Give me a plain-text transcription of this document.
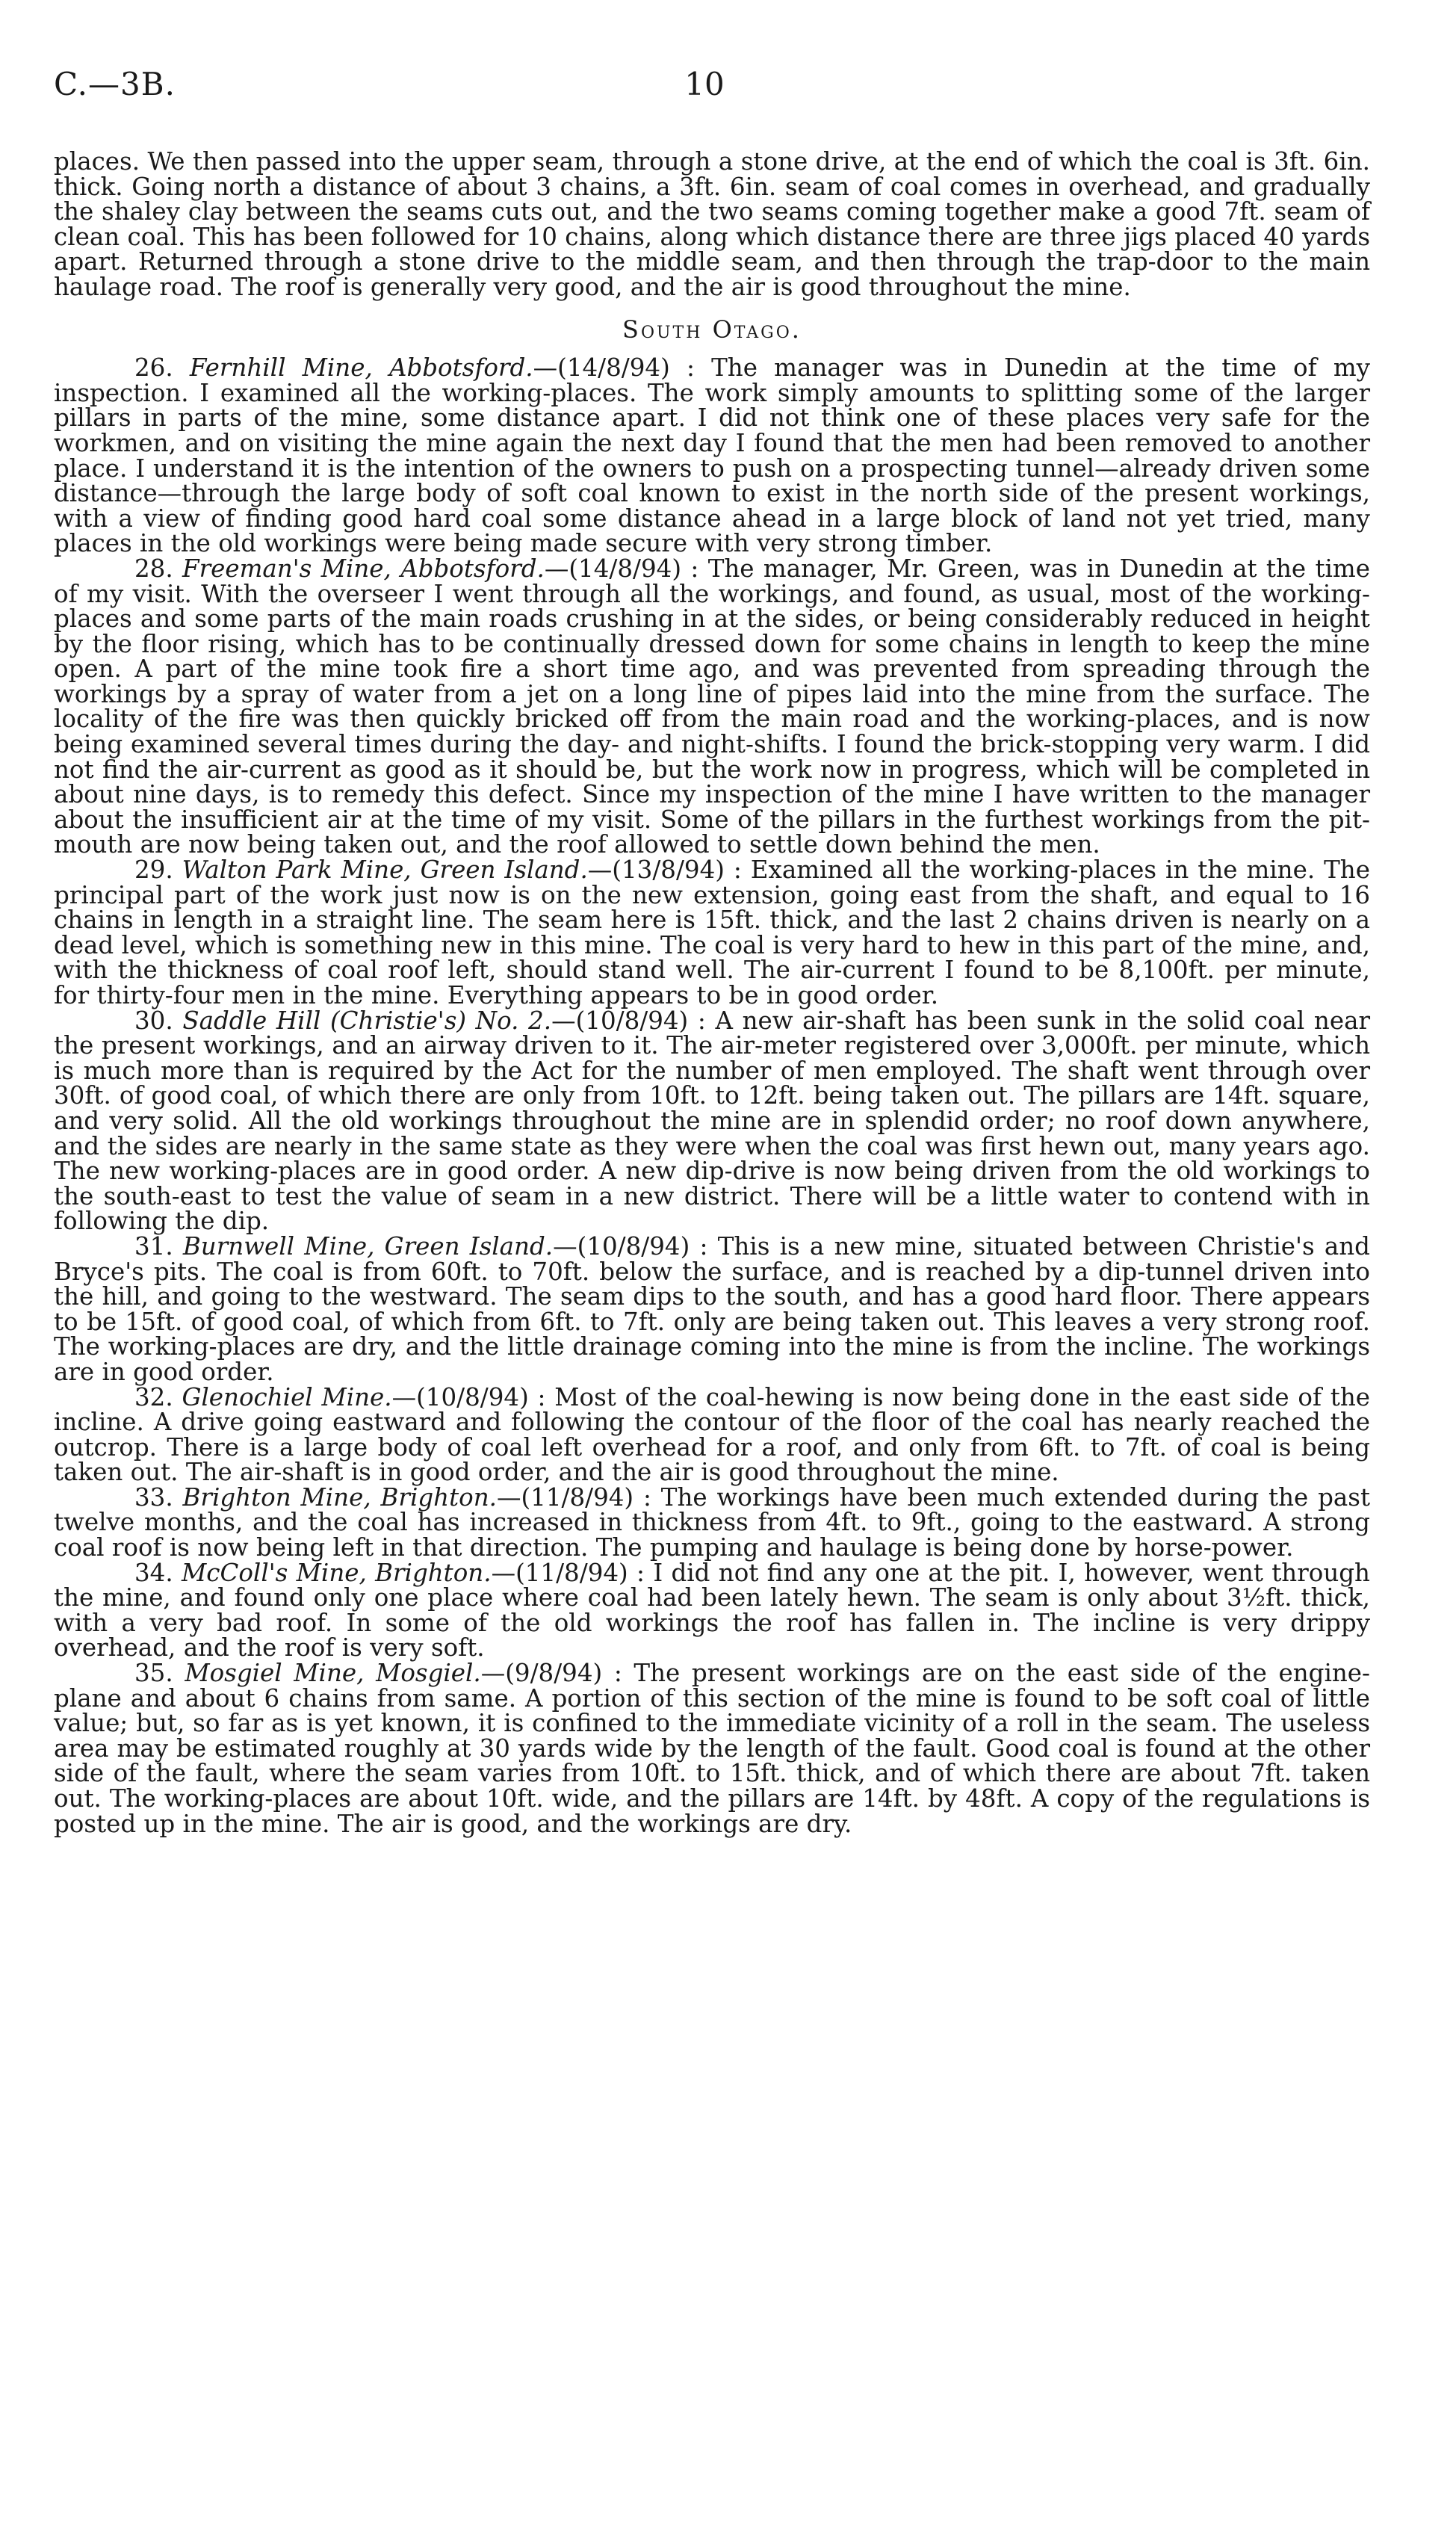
C.—3B.	10

places. We then passed into the upper seam, through a stone drive, at the end of which the coal is 3ft. 6in. thick. Going north a distance of about 3 chains, a 3ft. 6in. seam of coal comes in overhead, and gradually the shaley clay between the seams cuts out, and the two seams coming together make a good 7ft. seam of clean coal. This has been followed for 10 chains, along which distance there are three jigs placed 40 yards apart. Returned through a stone drive to the middle seam, and then through the trap-door to the main haulage road. The roof is generally very good, and the air is good throughout the mine.

South Otago.

26. Fernhill Mine, Abbotsford.—(14/8/94) : The manager was in Dunedin at the time of my inspection. I examined all the working-places. The work simply amounts to splitting some of the larger pillars in parts of the mine, some distance apart. I did not think one of these places very safe for the workmen, and on visiting the mine again the next day I found that the men had been removed to another place. I understand it is the intention of the owners to push on a prospecting tunnel—already driven some distance—through the large body of soft coal known to exist in the north side of the present workings, with a view of finding good hard coal some distance ahead in a large block of land not yet tried, many places in the old workings were being made secure with very strong timber.

28. Freeman's Mine, Abbotsford.—(14/8/94) : The manager, Mr. Green, was in Dunedin at the time of my visit. With the overseer I went through all the workings, and found, as usual, most of the working-places and some parts of the main roads crushing in at the sides, or being considerably reduced in height by the floor rising, which has to be continually dressed down for some chains in length to keep the mine open. A part of the mine took fire a short time ago, and was prevented from spreading through the workings by a spray of water from a jet on a long line of pipes laid into the mine from the surface. The locality of the fire was then quickly bricked off from the main road and the working-places, and is now being examined several times during the day- and night-shifts. I found the brick-stopping very warm. I did not find the air-current as good as it should be, but the work now in progress, which will be completed in about nine days, is to remedy this defect. Since my inspection of the mine I have written to the manager about the insufficient air at the time of my visit. Some of the pillars in the furthest workings from the pit-mouth are now being taken out, and the roof allowed to settle down behind the men.

29. Walton Park Mine, Green Island.—(13/8/94) : Examined all the working-places in the mine. The principal part of the work just now is on the new extension, going east from the shaft, and equal to 16 chains in length in a straight line. The seam here is 15ft. thick, and the last 2 chains driven is nearly on a dead level, which is something new in this mine. The coal is very hard to hew in this part of the mine, and, with the thickness of coal roof left, should stand well. The air-current I found to be 8,100ft. per minute, for thirty-four men in the mine. Everything appears to be in good order.

30. Saddle Hill (Christie's) No. 2.—(10/8/94) : A new air-shaft has been sunk in the solid coal near the present workings, and an airway driven to it. The air-meter registered over 3,000ft. per minute, which is much more than is required by the Act for the number of men employed. The shaft went through over 30ft. of good coal, of which there are only from 10ft. to 12ft. being taken out. The pillars are 14ft. square, and very solid. All the old workings throughout the mine are in splendid order; no roof down anywhere, and the sides are nearly in the same state as they were when the coal was first hewn out, many years ago. The new working-places are in good order. A new dip-drive is now being driven from the old workings to the south-east to test the value of seam in a new district. There will be a little water to contend with in following the dip.

31. Burnwell Mine, Green Island.—(10/8/94) : This is a new mine, situated between Christie's and Bryce's pits. The coal is from 60ft. to 70ft. below the surface, and is reached by a dip-tunnel driven into the hill, and going to the westward. The seam dips to the south, and has a good hard floor. There appears to be 15ft. of good coal, of which from 6ft. to 7ft. only are being taken out. This leaves a very strong roof. The working-places are dry, and the little drainage coming into the mine is from the incline. The workings are in good order.

32. Glenochiel Mine.—(10/8/94) : Most of the coal-hewing is now being done in the east side of the incline. A drive going eastward and following the contour of the floor of the coal has nearly reached the outcrop. There is a large body of coal left overhead for a roof, and only from 6ft. to 7ft. of coal is being taken out. The air-shaft is in good order, and the air is good throughout the mine.

33. Brighton Mine, Brighton.—(11/8/94) : The workings have been much extended during the past twelve months, and the coal has increased in thickness from 4ft. to 9ft., going to the eastward. A strong coal roof is now being left in that direction. The pumping and haulage is being done by horse-power.

34. McColl's Mine, Brighton.—(11/8/94) : I did not find any one at the pit. I, however, went through the mine, and found only one place where coal had been lately hewn. The seam is only about 3½ft. thick, with a very bad roof. In some of the old workings the roof has fallen in. The incline is very drippy overhead, and the roof is very soft.

35. Mosgiel Mine, Mosgiel.—(9/8/94) : The present workings are on the east side of the engine-plane and about 6 chains from same. A portion of this section of the mine is found to be soft coal of little value; but, so far as is yet known, it is confined to the immediate vicinity of a roll in the seam. The useless area may be estimated roughly at 30 yards wide by the length of the fault. Good coal is found at the other side of the fault, where the seam varies from 10ft. to 15ft. thick, and of which there are about 7ft. taken out. The working-places are about 10ft. wide, and the pillars are 14ft. by 48ft. A copy of the regulations is posted up in the mine. The air is good, and the workings are dry.
